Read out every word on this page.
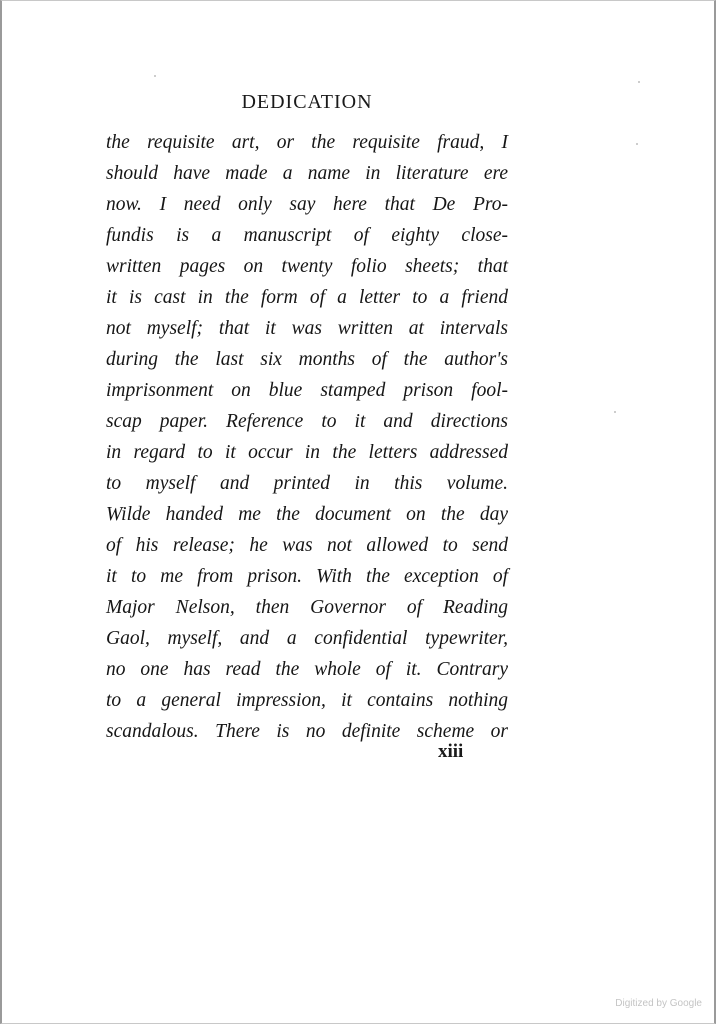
DEDICATION
the requisite art, or the requisite fraud, I
should have made a name in literature ere
now. I need only say here that De Pro-
fundis is a manuscript of eighty close-
written pages on twenty folio sheets; that
it is cast in the form of a letter to a friend
not myself; that it was written at intervals
during the last six months of the author's
imprisonment on blue stamped prison fool-
scap paper. Reference to it and directions
in regard to it occur in the letters addressed
to myself and printed in this volume.
Wilde handed me the document on the day
of his release; he was not allowed to send
it to me from prison. With the exception of
Major Nelson, then Governor of Reading
Gaol, myself, and a confidential typewriter,
no one has read the whole of it. Contrary
to a general impression, it contains nothing
scandalous. There is no definite scheme or
xiii
Digitized by Google
